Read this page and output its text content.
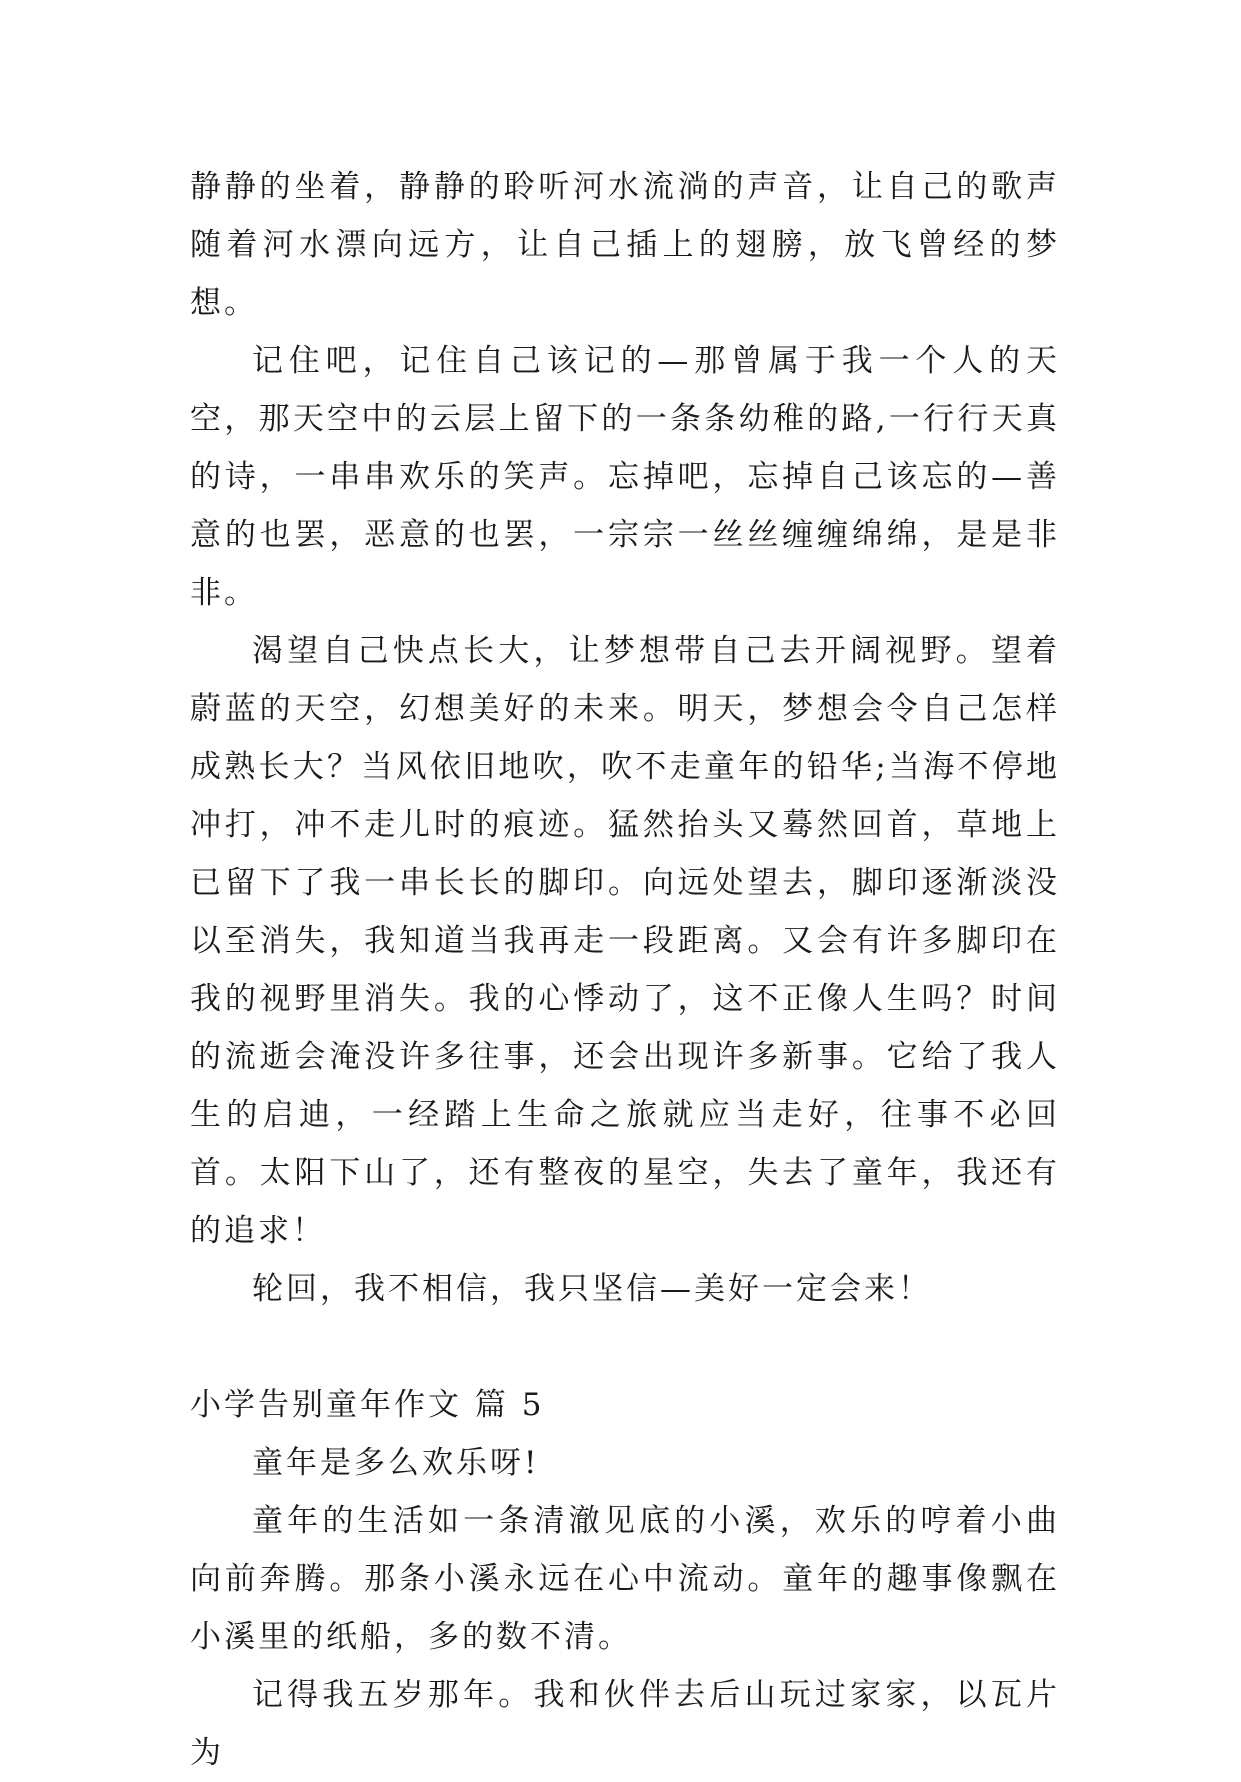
静静的坐着，静静的聆听河水流淌的声音，让自己的歌声随着河水漂向远方，让自己插上的翅膀，放飞曾经的梦想。

记住吧，记住自己该记的—那曾属于我一个人的天空，那天空中的云层上留下的一条条幼稚的路,一行行天真的诗，一串串欢乐的笑声。忘掉吧，忘掉自己该忘的—善意的也罢，恶意的也罢，一宗宗一丝丝缠缠绵绵，是是非非。

渴望自己快点长大，让梦想带自己去开阔视野。望着蔚蓝的天空，幻想美好的未来。明天，梦想会令自己怎样成熟长大？当风依旧地吹，吹不走童年的铅华;当海不停地冲打，冲不走儿时的痕迹。猛然抬头又蓦然回首，草地上已留下了我一串长长的脚印。向远处望去，脚印逐渐淡没以至消失，我知道当我再走一段距离。又会有许多脚印在我的视野里消失。我的心悸动了，这不正像人生吗？时间的流逝会淹没许多往事，还会出现许多新事。它给了我人生的启迪，一经踏上生命之旅就应当走好，往事不必回首。太阳下山了，还有整夜的星空，失去了童年，我还有的追求！

轮回，我不相信，我只坚信—美好一定会来！

小学告别童年作文 篇 5

童年是多么欢乐呀!

童年的生活如一条清澈见底的小溪，欢乐的哼着小曲向前奔腾。那条小溪永远在心中流动。童年的趣事像飘在小溪里的纸船，多的数不清。

记得我五岁那年。我和伙伴去后山玩过家家，以瓦片为
